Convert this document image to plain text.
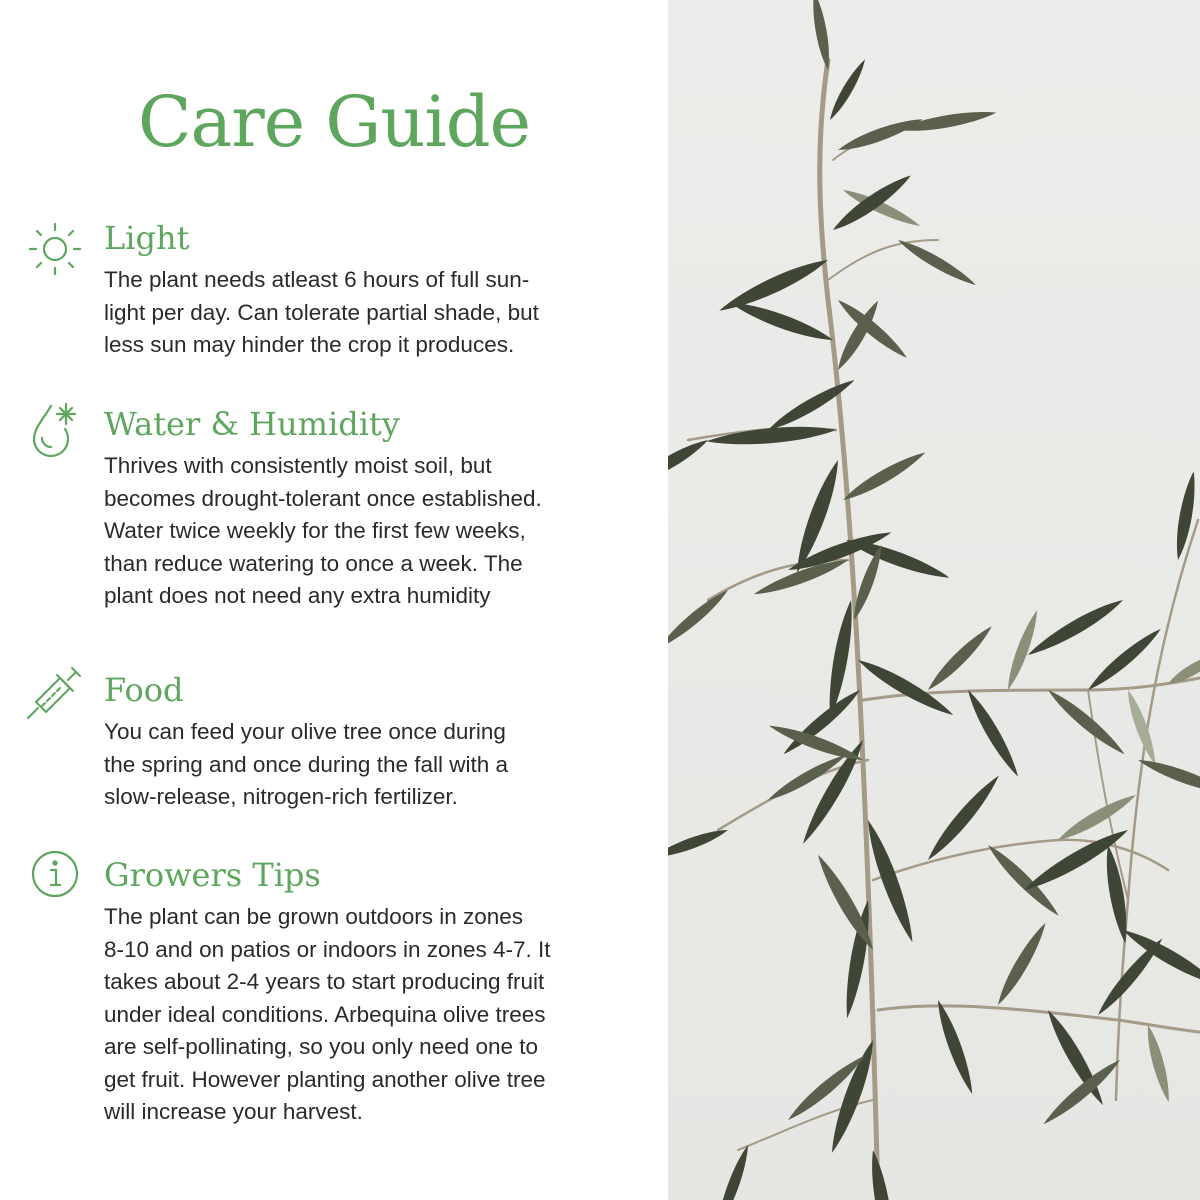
Care Guide
Light

The plant needs atleast 6 hours of full sun-
light per day. Can tolerate partial shade, but
less sun may hinder the crop it produces.

Water & Humidity

Thrives with consistently moist soil, but
becomes drought-tolerant once established.
Water twice weekly for the first few weeks,
than reduce watering to once a week. The
plant does not need any extra humidity

Food

You can feed your olive tree once during
the spring and once during the fall with a
slow-release, nitrogen-rich fertilizer.

Growers Tips

The plant can be grown outdoors in zones
8-10 and on patios or indoors in zones 4-7. It
takes about 2-4 years to start producing fruit
under ideal conditions. Arbequina olive trees
are self-pollinating, so you only need one to
get fruit. However planting another olive tree
will increase your harvest.
